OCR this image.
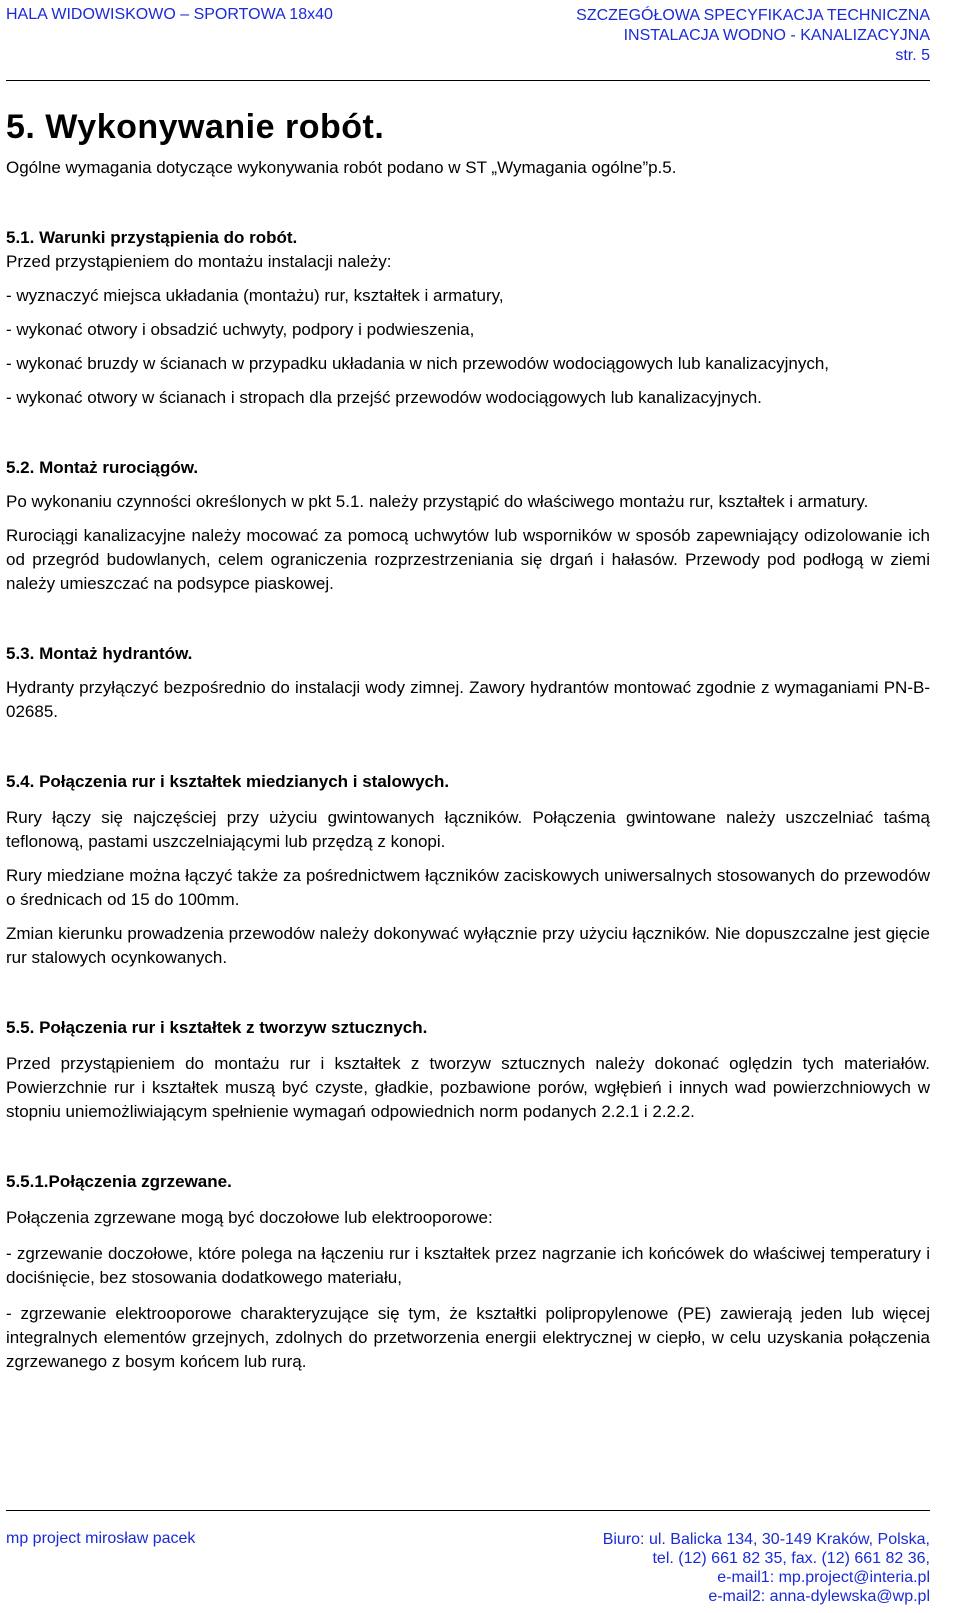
HALA WIDOWISKOWO – SPORTOWA 18x40	SZCZEGÓŁOWA SPECYFIKACJA TECHNICZNA
INSTALACJA WODNO - KANALIZACYJNA
str. 5
5. Wykonywanie robót.

Ogólne wymagania dotyczące wykonywania robót podano w ST „Wymagania ogólne”p.5.

5.1. Warunki przystąpienia do robót.

Przed przystąpieniem do montażu instalacji należy:

- wyznaczyć miejsca układania (montażu) rur, kształtek i armatury,

- wykonać otwory i obsadzić uchwyty, podpory i podwieszenia,

- wykonać bruzdy w ścianach w przypadku układania w nich przewodów wodociągowych lub kanalizacyjnych,

- wykonać otwory w ścianach i stropach dla przejść przewodów wodociągowych lub kanalizacyjnych.

5.2. Montaż rurociągów.

Po wykonaniu czynności określonych w pkt 5.1. należy przystąpić do właściwego montażu rur, kształtek i armatury.

Rurociągi kanalizacyjne należy mocować za pomocą uchwytów lub wsporników w sposób zapewniający odizolowanie ich od przegród budowlanych, celem ograniczenia rozprzestrzeniania się drgań i hałasów. Przewody pod podłogą w ziemi należy umieszczać na podsypce piaskowej.

5.3. Montaż hydrantów.

Hydranty przyłączyć bezpośrednio do instalacji wody zimnej. Zawory hydrantów montować zgodnie z wymaganiami PN-B-02685.

5.4. Połączenia rur i kształtek miedzianych i stalowych.

Rury łączy się najczęściej przy użyciu gwintowanych łączników. Połączenia gwintowane należy uszczelniać taśmą teflonową, pastami uszczelniającymi lub przędzą z konopi.

Rury miedziane można łączyć także za pośrednictwem łączników zaciskowych uniwersalnych stosowanych do przewodów o średnicach od 15 do 100mm.

Zmian kierunku prowadzenia przewodów należy dokonywać wyłącznie przy użyciu łączników. Nie dopuszczalne jest gięcie rur stalowych ocynkowanych.

5.5. Połączenia rur i kształtek z tworzyw sztucznych.

Przed przystąpieniem do montażu rur i kształtek z tworzyw sztucznych należy dokonać oględzin tych materiałów. Powierzchnie rur i kształtek muszą być czyste, gładkie, pozbawione porów, wgłębień i innych wad powierzchniowych w stopniu uniemożliwiającym spełnienie wymagań odpowiednich norm podanych 2.2.1 i 2.2.2.

5.5.1.Połączenia zgrzewane.

Połączenia zgrzewane mogą być doczołowe lub elektrooporowe:

- zgrzewanie doczołowe, które polega na łączeniu rur i kształtek przez nagrzanie ich końcówek do właściwej temperatury i dociśnięcie, bez stosowania dodatkowego materiału,

- zgrzewanie elektrooporowe charakteryzujące się tym, że kształtki polipropylenowe (PE) zawierają jeden lub więcej integralnych elementów grzejnych, zdolnych do przetworzenia energii elektrycznej w ciepło, w celu uzyskania połączenia zgrzewanego z bosym końcem lub rurą.

mp project mirosław pacek	Biuro: ul. Balicka 134, 30-149 Kraków, Polska,
tel. (12) 661 82 35, fax. (12) 661 82 36,
e-mail1: mp.project@interia.pl
e-mail2: anna-dylewska@wp.pl
